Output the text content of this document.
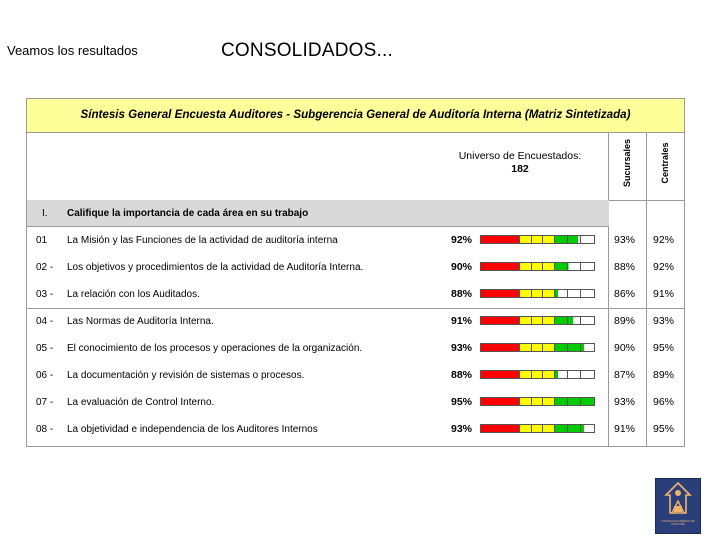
Veamos los resultados	CONSOLIDADOS...
Síntesis General Encuesta Auditores - Subgerencia General de Auditoría Interna (Matriz Sintetizada)
Universo de Encuestados:
182	Sucursales	Centrales
I. Califique la importancia de cada área en su trabajo
01 La Misión y las Funciones de la actividad de auditoría interna	92%	93% 92%
02 - Los objetivos y procedimientos de la actividad de Auditoría Interna.	90%	88% 92%
03 - La relación con los Auditados.	88%	86% 91%
04 - Las Normas de Auditoría Interna.	91%	89% 93%
05 - El conocimiento de los procesos y operaciones de la organización.	93%	90% 95%
06 - La documentación y revisión de sistemas o procesos.	88%	87% 89%
07 - La evaluación de Control Interno.	95%	93% 96%
08 - La objetividad e independencia de los Auditores Internos	93%	91% 95%
CONSEJO ACADÉMICO DE AUDITORÍA
